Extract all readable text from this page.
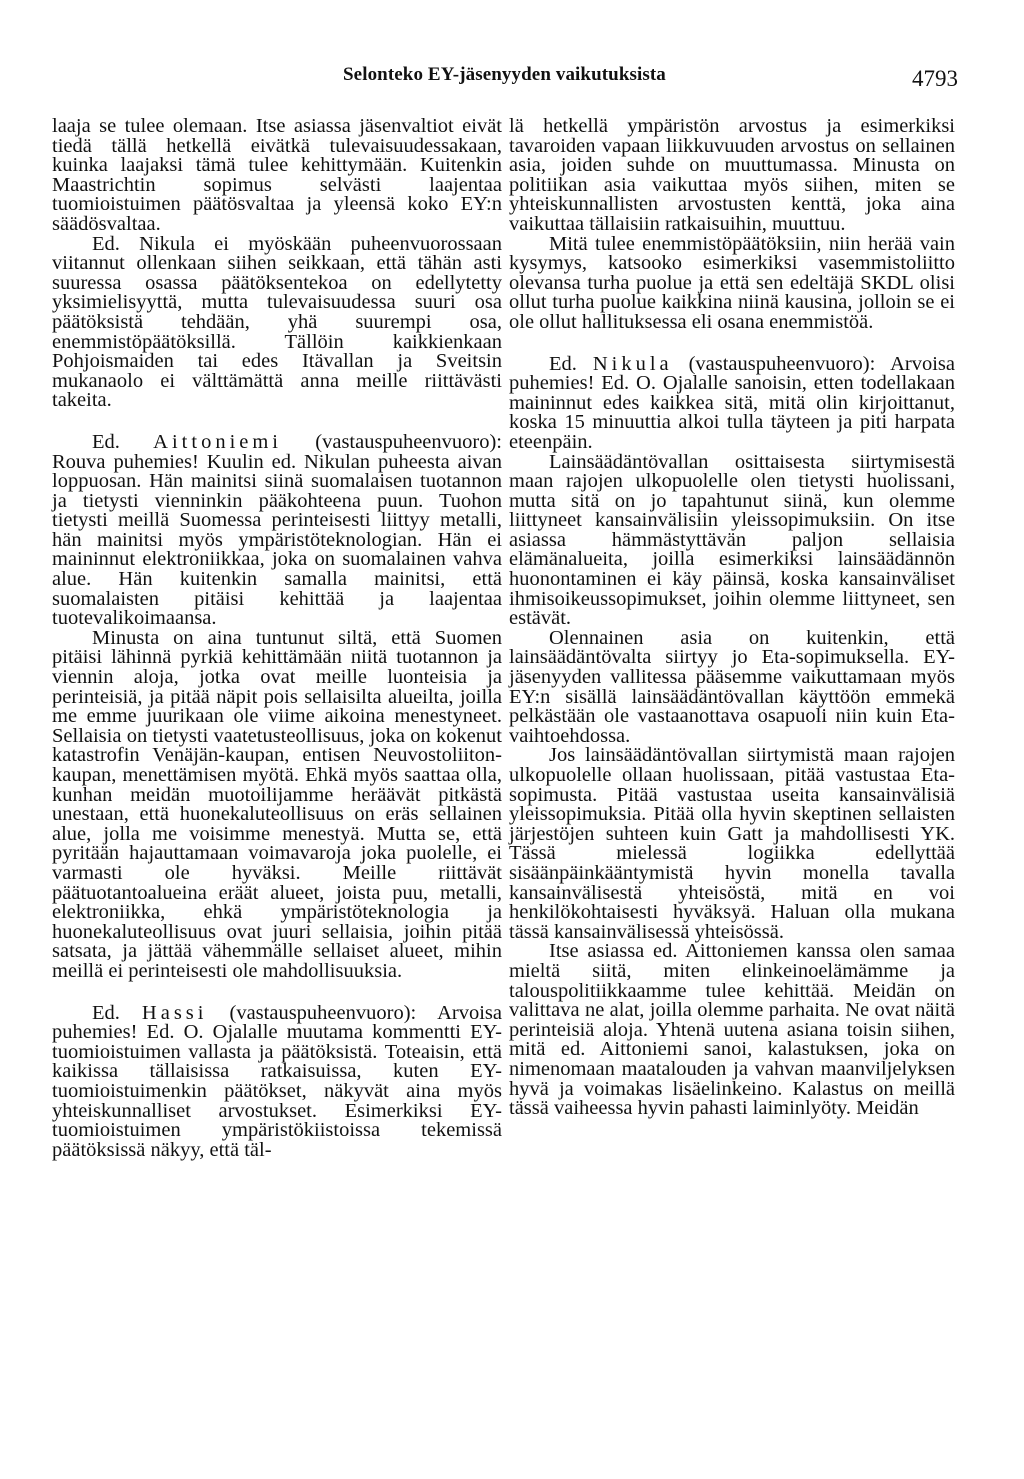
Selonteko EY-jäsenyyden vaikutuksista	4793

laaja se tulee olemaan. Itse asiassa jäsenvaltiot eivät tiedä tällä hetkellä eivätkä tulevaisuudessakaan, kuinka laajaksi tämä tulee kehittymään. Kuitenkin Maastrichtin sopimus selvästi laajentaa tuomioistuimen päätösvaltaa ja yleensä koko EY:n säädösvaltaa.

Ed. Nikula ei myöskään puheenvuorossaan viitannut ollenkaan siihen seikkaan, että tähän asti suuressa osassa päätöksentekoa on edellytetty yksimielisyyttä, mutta tulevaisuudessa suuri osa päätöksistä tehdään, yhä suurempi osa, enemmistöpäätöksillä. Tällöin kaikkienkaan Pohjoismaiden tai edes Itävallan ja Sveitsin mukanaolo ei välttämättä anna meille riittävästi takeita.

Ed. Aittoniemi (vastauspuheenvuoro): Rouva puhemies! Kuulin ed. Nikulan puheesta aivan loppuosan. Hän mainitsi siinä suomalaisen tuotannon ja tietysti vienninkin pääkohteena puun. Tuohon tietysti meillä Suomessa perinteisesti liittyy metalli, hän mainitsi myös ympäristöteknologian. Hän ei maininnut elektroniikkaa, joka on suomalainen vahva alue. Hän kuitenkin samalla mainitsi, että suomalaisten pitäisi kehittää ja laajentaa tuotevalikoimaansa.

Minusta on aina tuntunut siltä, että Suomen pitäisi lähinnä pyrkiä kehittämään niitä tuotannon ja viennin aloja, jotka ovat meille luonteisia ja perinteisiä, ja pitää näpit pois sellaisilta alueilta, joilla me emme juurikaan ole viime aikoina menestyneet. Sellaisia on tietysti vaatetusteollisuus, joka on kokenut katastrofin Venäjän-kaupan, entisen Neuvostoliiton-kaupan, menettämisen myötä. Ehkä myös saattaa olla, kunhan meidän muotoilijamme heräävät pitkästä unestaan, että huonekaluteollisuus on eräs sellainen alue, jolla me voisimme menestyä. Mutta se, että pyritään hajauttamaan voimavaroja joka puolelle, ei varmasti ole hyväksi. Meille riittävät päätuotantoalueina eräät alueet, joista puu, metalli, elektroniikka, ehkä ympäristöteknologia ja huonekaluteollisuus ovat juuri sellaisia, joihin pitää satsata, ja jättää vähemmälle sellaiset alueet, mihin meillä ei perinteisesti ole mahdollisuuksia.

Ed. Hassi (vastauspuheenvuoro): Arvoisa puhemies! Ed. O. Ojalalle muutama kommentti EY-tuomioistuimen vallasta ja päätöksistä. Toteaisin, että kaikissa tällaisissa ratkaisuissa, kuten EY-tuomioistuimenkin päätökset, näkyvät aina myös yhteiskunnalliset arvostukset. Esimerkiksi EY-tuomioistuimen ympäristökiistoissa tekemissä päätöksissä näkyy, että täl-

lä hetkellä ympäristön arvostus ja esimerkiksi tavaroiden vapaan liikkuvuuden arvostus on sellainen asia, joiden suhde on muuttumassa. Minusta on politiikan asia vaikuttaa myös siihen, miten se yhteiskunnallisten arvostusten kenttä, joka aina vaikuttaa tällaisiin ratkaisuihin, muuttuu.

Mitä tulee enemmistöpäätöksiin, niin herää vain kysymys, katsooko esimerkiksi vasemmistoliitto olevansa turha puolue ja että sen edeltäjä SKDL olisi ollut turha puolue kaikkina niinä kausina, jolloin se ei ole ollut hallituksessa eli osana enemmistöä.

Ed. Nikula (vastauspuheenvuoro): Arvoisa puhemies! Ed. O. Ojalalle sanoisin, etten todellakaan maininnut edes kaikkea sitä, mitä olin kirjoittanut, koska 15 minuuttia alkoi tulla täyteen ja piti harpata eteenpäin.

Lainsäädäntövallan osittaisesta siirtymisestä maan rajojen ulkopuolelle olen tietysti huolissani, mutta sitä on jo tapahtunut siinä, kun olemme liittyneet kansainvälisiin yleissopimuksiin. On itse asiassa hämmästyttävän paljon sellaisia elämänalueita, joilla esimerkiksi lainsäädännön huonontaminen ei käy päinsä, koska kansainväliset ihmisoikeussopimukset, joihin olemme liittyneet, sen estävät.

Olennainen asia on kuitenkin, että lainsäädäntövalta siirtyy jo Eta-sopimuksella. EY-jäsenyyden vallitessa pääsemme vaikuttamaan myös EY:n sisällä lainsäädäntövallan käyttöön emmekä pelkästään ole vastaanottava osapuoli niin kuin Eta-vaihtoehdossa.

Jos lainsäädäntövallan siirtymistä maan rajojen ulkopuolelle ollaan huolissaan, pitää vastustaa Eta-sopimusta. Pitää vastustaa useita kansainvälisiä yleissopimuksia. Pitää olla hyvin skeptinen sellaisten järjestöjen suhteen kuin Gatt ja mahdollisesti YK. Tässä mielessä logiikka edellyttää sisäänpäinkääntymistä hyvin monella tavalla kansainvälisestä yhteisöstä, mitä en voi henkilökohtaisesti hyväksyä. Haluan olla mukana tässä kansainvälisessä yhteisössä.

Itse asiassa ed. Aittoniemen kanssa olen samaa mieltä siitä, miten elinkeinoelämämme ja talouspolitiikkaamme tulee kehittää. Meidän on valittava ne alat, joilla olemme parhaita. Ne ovat näitä perinteisiä aloja. Yhtenä uutena asiana toisin siihen, mitä ed. Aittoniemi sanoi, kalastuksen, joka on nimenomaan maatalouden ja vahvan maanviljelyksen hyvä ja voimakas lisäelinkeino. Kalastus on meillä tässä vaiheessa hyvin pahasti laiminlyöty. Meidän
